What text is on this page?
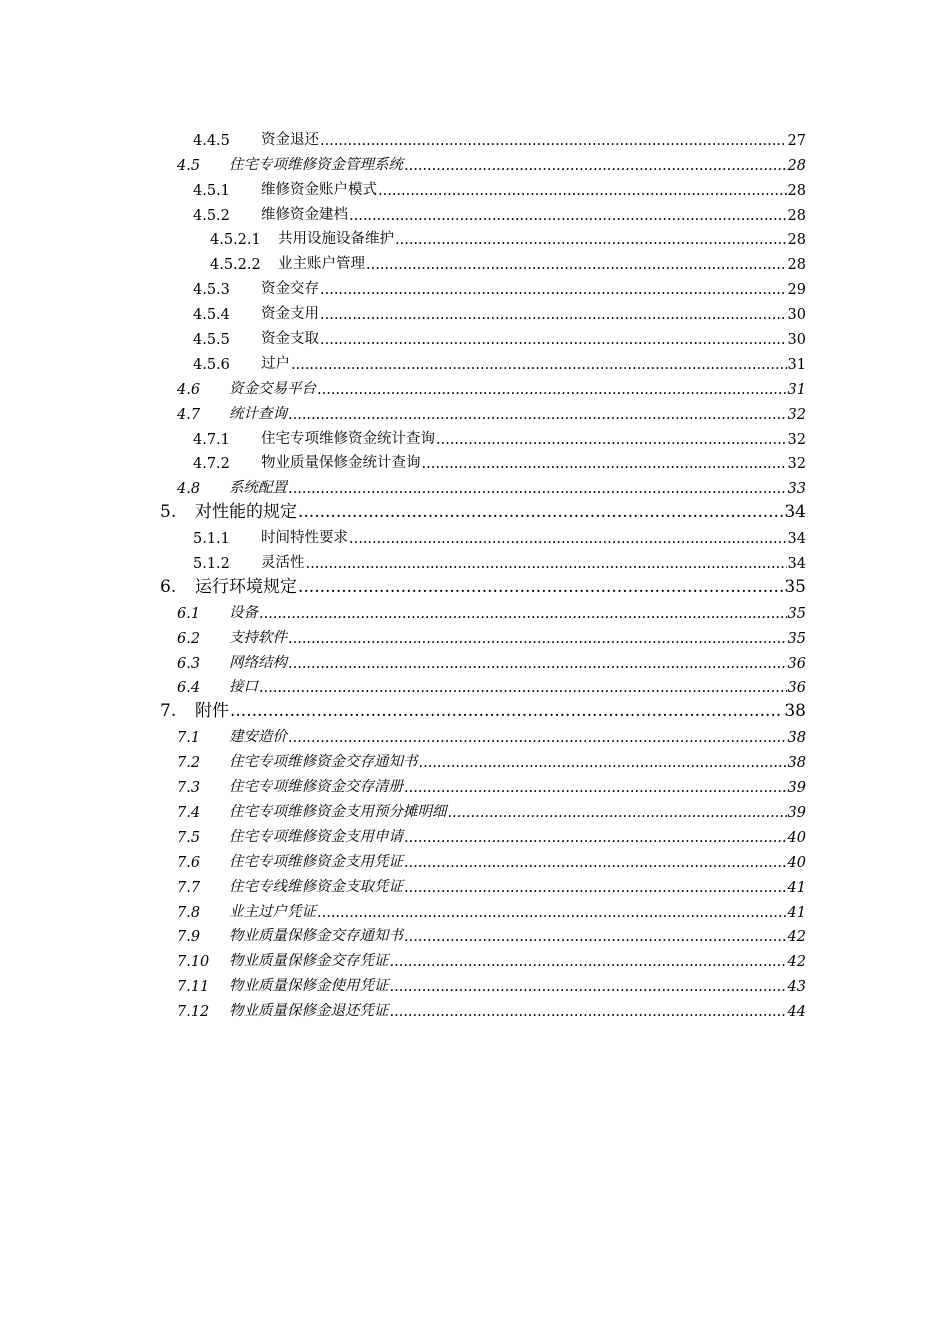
4.4.5	资金退还 .....	27
4.5	住宅专项维修资金管理系统 .....	28
4.5.1	维修资金账户模式 .....	28
4.5.2	维修资金建档 .....	28
4.5.2.1	共用设施设备维护 .....	28
4.5.2.2	业主账户管理 .....	28
4.5.3	资金交存 .....	29
4.5.4	资金支用 .....	30
4.5.5	资金支取 .....	30
4.5.6	过户 .....	31
4.6	资金交易平台 .....	31
4.7	统计查询 .....	32
4.7.1	住宅专项维修资金统计查询 .....	32
4.7.2	物业质量保修金统计查询 .....	32
4.8	系统配置 .....	33
5.	对性能的规定 .....	34
5.1.1	时间特性要求 .....	34
5.1.2	灵活性 .....	34
6.	运行环境规定 .....	35
6.1	设备 .....	35
6.2	支持软件 .....	35
6.3	网络结构 .....	36
6.4	接口 .....	36
7.	附件 .....	38
7.1	建安造价 .....	38
7.2	住宅专项维修资金交存通知书 .....	38
7.3	住宅专项维修资金交存清册 .....	39
7.4	住宅专项维修资金支用预分摊明细 .....	39
7.5	住宅专项维修资金支用申请 .....	40
7.6	住宅专项维修资金支用凭证 .....	40
7.7	住宅专线维修资金支取凭证 .....	41
7.8	业主过户凭证 .....	41
7.9	物业质量保修金交存通知书 .....	42
7.10	物业质量保修金交存凭证 .....	42
7.11	物业质量保修金使用凭证 .....	43
7.12	物业质量保修金退还凭证 .....	44
